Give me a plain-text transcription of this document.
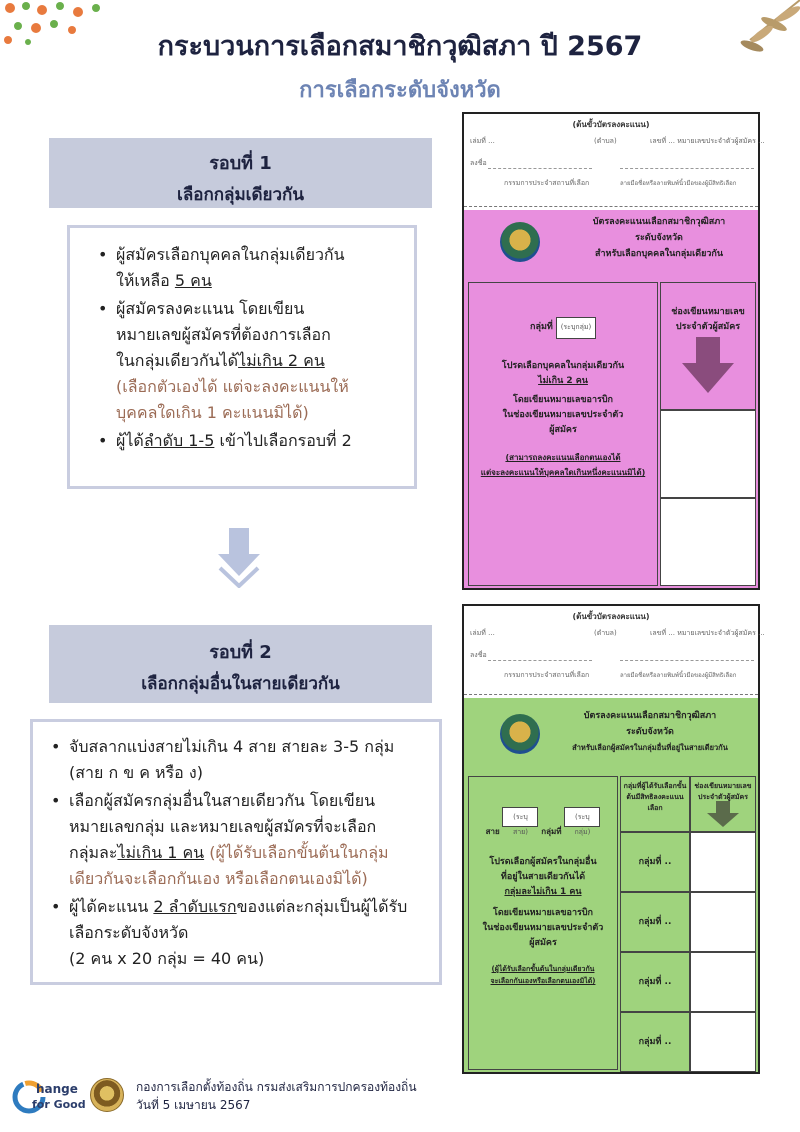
กระบวนการเลือกสมาชิกวุฒิสภา ปี 2567
การเลือกระดับจังหวัด
รอบที่ 1
เลือกกลุ่มเดียวกัน
• ผู้สมัครเลือกบุคคลในกลุ่มเดียวกัน
ให้เหลือ 5 คน
• ผู้สมัครลงคะแนน โดยเขียน
หมายเลขผู้สมัครที่ต้องการเลือก
ในกลุ่มเดียวกันได้ไม่เกิน 2 คน
(เลือกตัวเองได้ แต่จะลงคะแนนให้
บุคคลใดเกิน 1 คะแนนมิได้)
• ผู้ได้ลำดับ 1-5 เข้าไปเลือกรอบที่ 2
รอบที่ 2
เลือกกลุ่มอื่นในสายเดียวกัน
• จับสลากแบ่งสายไม่เกิน 4 สาย สายละ 3-5 กลุ่ม
(สาย ก ข ค หรือ ง)
• เลือกผู้สมัครกลุ่มอื่นในสายเดียวกัน โดยเขียน
หมายเลขกลุ่ม และหมายเลขผู้สมัครที่จะเลือก
กลุ่มละไม่เกิน 1 คน (ผู้ได้รับเลือกขั้นต้นในกลุ่ม
เดียวกันจะเลือกกันเอง หรือเลือกตนเองมิได้)
• ผู้ได้คะแนน 2 ลำดับแรกของแต่ละกลุ่มเป็นผู้ได้รับ
เลือกระดับจังหวัด
(2 คน x 20 กลุ่ม = 40 คน)
(ต้นขั้วบัตรลงคะแนน)
เล่มที่ ...	(ตำบล)	เลขที่ ... หมายเลขประจำตัวผู้สมัคร ...
ลงชื่อ
กรรมการประจำสถานที่เลือก	ลายมือชื่อหรือลายพิมพ์นิ้วมือของผู้มีสิทธิเลือก
บัตรลงคะแนนเลือกสมาชิกวุฒิสภา
ระดับจังหวัด
สำหรับเลือกบุคคลในกลุ่มเดียวกัน
กลุ่มที่ (ระบุกลุ่ม)
โปรดเลือกบุคคลในกลุ่มเดียวกัน
ไม่เกิน 2 คน
โดยเขียนหมายเลขอารบิก
ในช่องเขียนหมายเลขประจำตัว
ผู้สมัคร
(สามารถลงคะแนนเลือกตนเองได้
แต่จะลงคะแนนให้บุคคลใดเกินหนึ่งคะแนนมิได้)
ช่องเขียนหมายเลขประจำตัวผู้สมัคร
(ต้นขั้วบัตรลงคะแนน)
เล่มที่ ...	(ตำบล)	เลขที่ ... หมายเลขประจำตัวผู้สมัคร ...
ลงชื่อ
กรรมการประจำสถานที่เลือก	ลายมือชื่อหรือลายพิมพ์นิ้วมือของผู้มีสิทธิเลือก
บัตรลงคะแนนเลือกสมาชิกวุฒิสภา
ระดับจังหวัด
สำหรับเลือกผู้สมัครในกลุ่มอื่นที่อยู่ในสายเดียวกัน
สาย (ระบุสาย) กลุ่มที่ (ระบุกลุ่ม)
โปรดเลือกผู้สมัครในกลุ่มอื่น
ที่อยู่ในสายเดียวกันได้
กลุ่มละไม่เกิน 1 คน
โดยเขียนหมายเลขอารบิก
ในช่องเขียนหมายเลขประจำตัว
ผู้สมัคร
(ผู้ได้รับเลือกขั้นต้นในกลุ่มเดียวกัน
จะเลือกกันเองหรือเลือกตนเองมิได้)
กลุ่มที่ผู้ได้รับเลือกขั้นต้นมีสิทธิลงคะแนนเลือก
ช่องเขียนหมายเลขประจำตัวผู้สมัคร
กลุ่มที่ ..
กลุ่มที่ ..
กลุ่มที่ ..
กลุ่มที่ ..
hange
for Good
กองการเลือกตั้งท้องถิ่น กรมส่งเสริมการปกครองท้องถิ่น
วันที่ 5 เมษายน 2567
